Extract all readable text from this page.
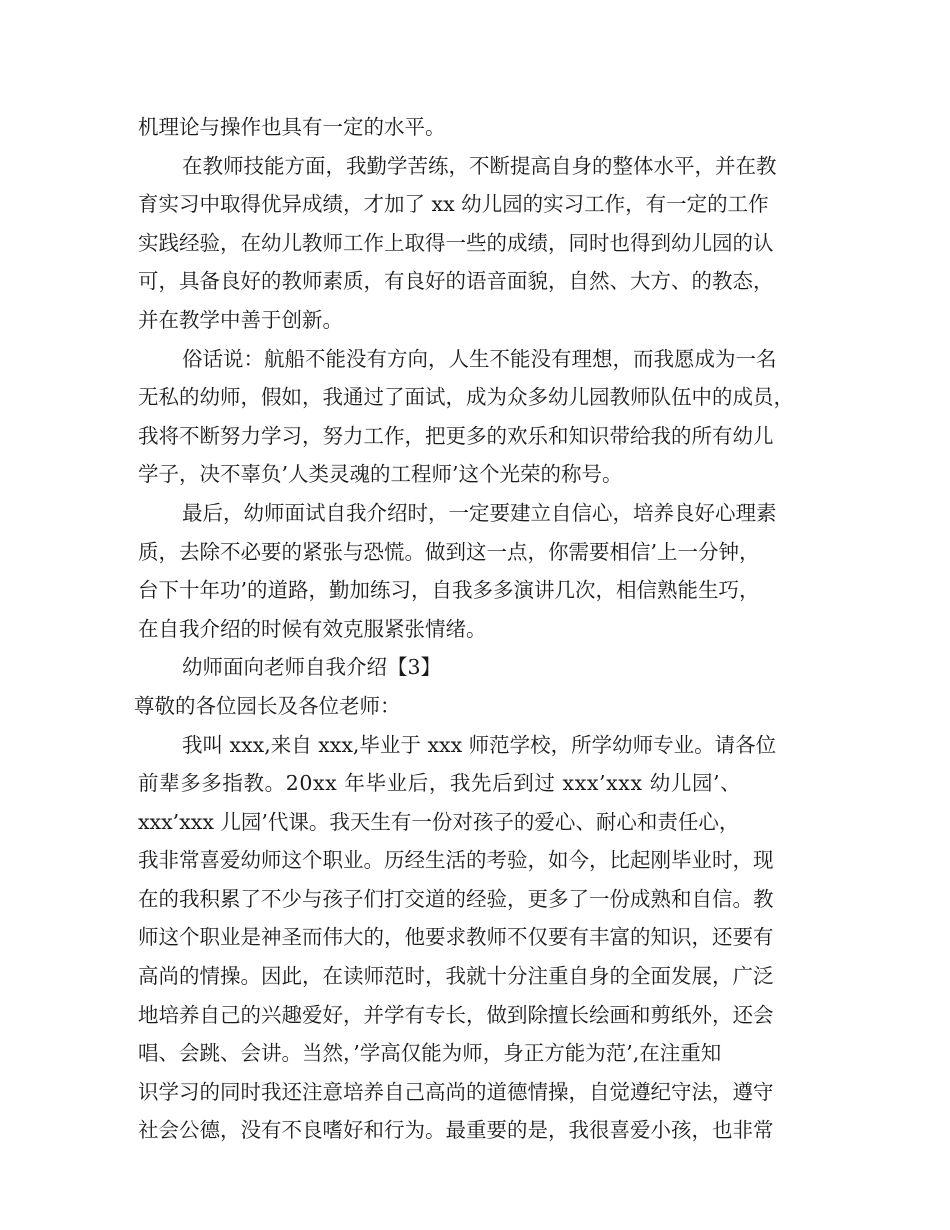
机理论与操作也具有一定的水平。
在教师技能方面，我勤学苦练，不断提高自身的整体水平，并在教
育实习中取得优异成绩，才加了 xx 幼儿园的实习工作，有一定的工作
实践经验，在幼儿教师工作上取得一些的成绩，同时也得到幼儿园的认
可，具备良好的教师素质，有良好的语音面貌，自然、大方、的教态，
并在教学中善于创新。
俗话说：航船不能没有方向，人生不能没有理想，而我愿成为一名
无私的幼师，假如，我通过了面试，成为众多幼儿园教师队伍中的成员，
我将不断努力学习，努力工作，把更多的欢乐和知识带给我的所有幼儿
学子，决不辜负’人类灵魂的工程师’这个光荣的称号。
最后，幼师面试自我介绍时，一定要建立自信心，培养良好心理素
质，去除不必要的紧张与恐慌。做到这一点，你需要相信’上一分钟，
台下十年功’的道路，勤加练习，自我多多演讲几次，相信熟能生巧，
在自我介绍的时候有效克服紧张情绪。
幼师面向老师自我介绍【3】
尊敬的各位园长及各位老师：
我叫 xxx,来自 xxx,毕业于 xxx 师范学校，所学幼师专业。请各位
前辈多多指教。20xx 年毕业后，我先后到过 xxx’xxx 幼儿园’、
xxx’xxx 儿园’代课。我天生有一份对孩子的爱心、耐心和责任心，
我非常喜爱幼师这个职业。历经生活的考验，如今，比起刚毕业时，现
在的我积累了不少与孩子们打交道的经验，更多了一份成熟和自信。教
师这个职业是神圣而伟大的，他要求教师不仅要有丰富的知识，还要有
高尚的情操。因此，在读师范时，我就十分注重自身的全面发展，广泛
地培养自己的兴趣爱好，并学有专长，做到除擅长绘画和剪纸外，还会
唱、会跳、会讲。当然，’学高仅能为师，身正方能为范’,在注重知
识学习的同时我还注意培养自己高尚的道德情操，自觉遵纪守法，遵守
社会公德，没有不良嗜好和行为。最重要的是，我很喜爱小孩，也非常
